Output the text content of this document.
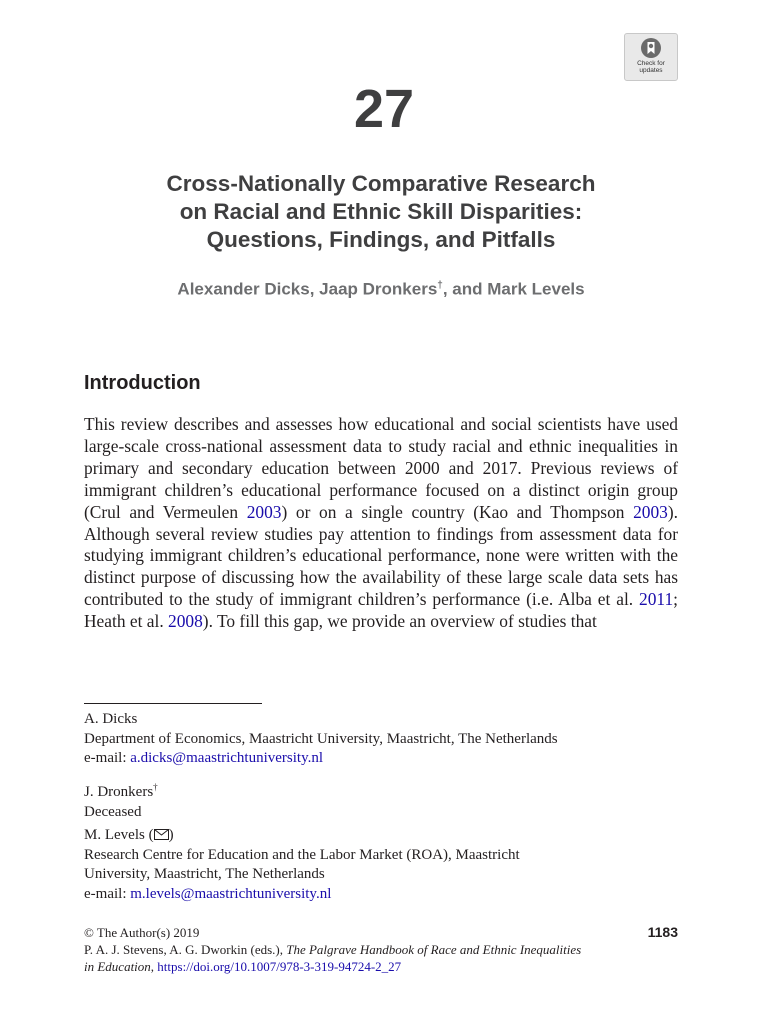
Check for
updates
27
Cross-Nationally Comparative Research
on Racial and Ethnic Skill Disparities:
Questions, Findings, and Pitfalls
Alexander Dicks, Jaap Dronkers†, and Mark Levels
Introduction

This review describes and assesses how educational and social scientists have used large-scale cross-national assessment data to study racial and ethnic inequalities in primary and secondary education between 2000 and 2017. Previous reviews of immigrant children’s educational performance focused on a distinct origin group (Crul and Vermeulen 2003) or on a single country (Kao and Thompson 2003). Although several review studies pay attention to findings from assessment data for studying immigrant children’s educational performance, none were written with the distinct purpose of discussing how the availability of these large scale data sets has contributed to the study of immigrant children’s performance (i.e. Alba et al. 2011; Heath et al. 2008). To fill this gap, we provide an overview of studies that

A. Dicks

Department of Economics, Maastricht University, Maastricht, The Netherlands

e-mail: a.dicks@maastrichtuniversity.nl

J. Dronkers†

Deceased

M. Levels ( )

Research Centre for Education and the Labor Market (ROA), Maastricht

University, Maastricht, The Netherlands

e-mail: m.levels@maastrichtuniversity.nl

© The Author(s) 2019

P. A. J. Stevens, A. G. Dworkin (eds.), The Palgrave Handbook of Race and Ethnic Inequalities

in Education, https://doi.org/10.1007/978-3-319-94724-2_27

1183
